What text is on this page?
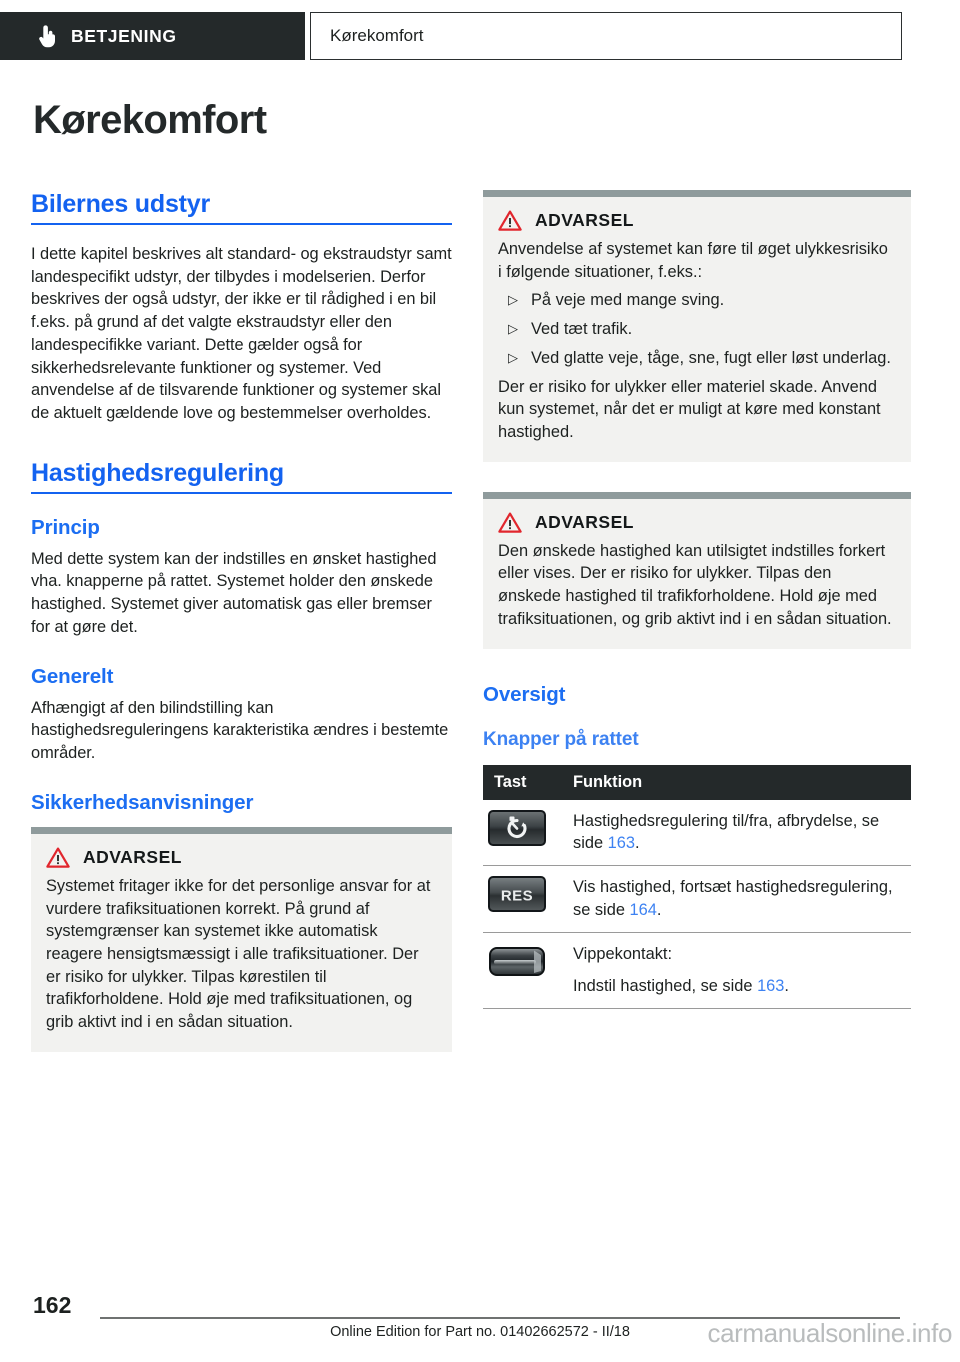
BETJENING	Kørekomfort
Kørekomfort
Bilernes udstyr

I dette kapitel beskrives alt standard- og ekstraudstyr samt landespecifikt udstyr, der tilbydes i modelserien. Derfor beskrives der også udstyr, der ikke er til rådighed i en bil f.eks. på grund af det valgte ekstraudstyr eller den landespecifikke variant. Dette gælder også for sikkerhedsrelevante funktioner og systemer. Ved anvendelse af de tilsvarende funktioner og systemer skal de aktuelt gældende love og bestemmelser overholdes.

Hastighedsregulering
Princip

Med dette system kan der indstilles en ønsket hastighed vha. knapperne på rattet. Systemet holder den ønskede hastighed. Systemet giver automatisk gas eller bremser for at gøre det.

Generelt

Afhængigt af den bilindstilling kan hastighedsreguleringens karakteristika ændres i bestemte områder.

Sikkerhedsanvisninger
ADVARSEL

Systemet fritager ikke for det personlige ansvar for at vurdere trafiksituationen korrekt. På grund af systemgrænser kan systemet ikke automatisk reagere hensigtsmæssigt i alle trafiksituationer. Der er risiko for ulykker. Tilpas kørestilen til trafikforholdene. Hold øje med trafiksituationen, og grib aktivt ind i en sådan situation.

ADVARSEL

Anvendelse af systemet kan føre til øget ulykkesrisiko i følgende situationer, f.eks.:

▷ På veje med mange sving.
▷ Ved tæt trafik.
▷ Ved glatte veje, tåge, sne, fugt eller løst underlag.

Der er risiko for ulykker eller materiel skade. Anvend kun systemet, når det er muligt at køre med konstant hastighed.

ADVARSEL

Den ønskede hastighed kan utilsigtet indstilles forkert eller vises. Der er risiko for ulykker. Tilpas den ønskede hastighed til trafikforholdene. Hold øje med trafiksituationen, og grib aktivt ind i en sådan situation.

Oversigt
Knapper på rattet
Tast	Funktion

	Hastighedsregulering til/fra, afbrydelse, se side 163.

RES	Vis hastighed, fortsæt hastighedsregulering, se side 164.

Vippekontakt:
Indstil hastighed, se side 163.
162
Online Edition for Part no. 01402662572 - II/18	carmanualsonline.info
